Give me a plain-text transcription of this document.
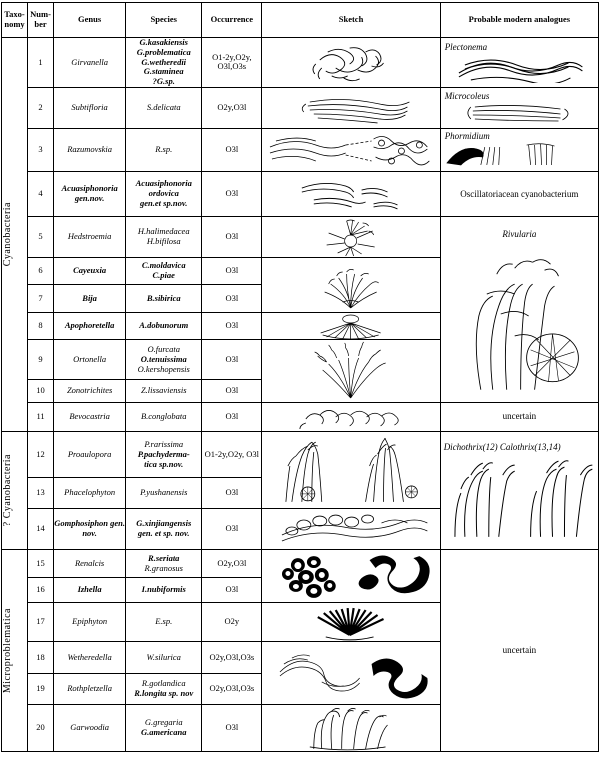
Taxo-nomy	Num-ber	Genus	Species	Occurrence	Sketch	Probable modern analogues

Cyanobacteria	1	Girvanella	G.kasakiensis
G.problematica
G.wetheredii
G.staminea
?G.sp.	O1-2y,O2y, O3l,O3s		Plectonema

	2	Subtifloria	S.delicata	O2y,O3l		Microcoleus

	3	Razumovskia	R.sp.	O3l		Phormidium

	4	Acuasiphonoria gen.nov.	Acuasiphonoria ordovica
gen.et sp.nov.	O3l		Oscillatoriacean cyanobacterium

	5	Hedstroemia	H.halimedacea
H.bifilosa	O3l		Rivularia

	6	Cayeuxia	C.moldavica
C.piae	O3l	

	7	Bija	B.sibirica	O3l		
	8	Apophoretella	A.dobunorum	O3l	

	9	Ortonella	O.furcata
O.tenuissima
O.kershopensis	O3l	

	10	Zonotrichites	Z.lissaviensis	O3l		
	11	Bevocastria	B.conglobata	O3l		uncertain

? Cyanobacteria	12	Proaulopora	P.rarissima
P.pachyderma-
tica sp.nov.	O1-2y,O2y, O3l		Dichothrix(12) Calothrix(13,14)

	13	Phacelophyton	P.yushanensis	O3l		
	14	Gomphosiphon gen. nov.	G.xinjiangensis
gen. et sp. nov.	O3l	

Microproblematica	15	Renalcis	R.seriata
R.granosus	O2y,O3l		uncertain
	16	Izhella	I.nubiformis	O3l		
	17	Epiphyton	E.sp.	O2y	

	18	Wetheredella	W.silurica	O2y,O3l,O3s	

	19	Rothpletzella	R.gotlandica
R.longita sp. nov	O2y,O3l,O3s		
	20	Garwoodia	G.gregaria
G.americana	O3l	
